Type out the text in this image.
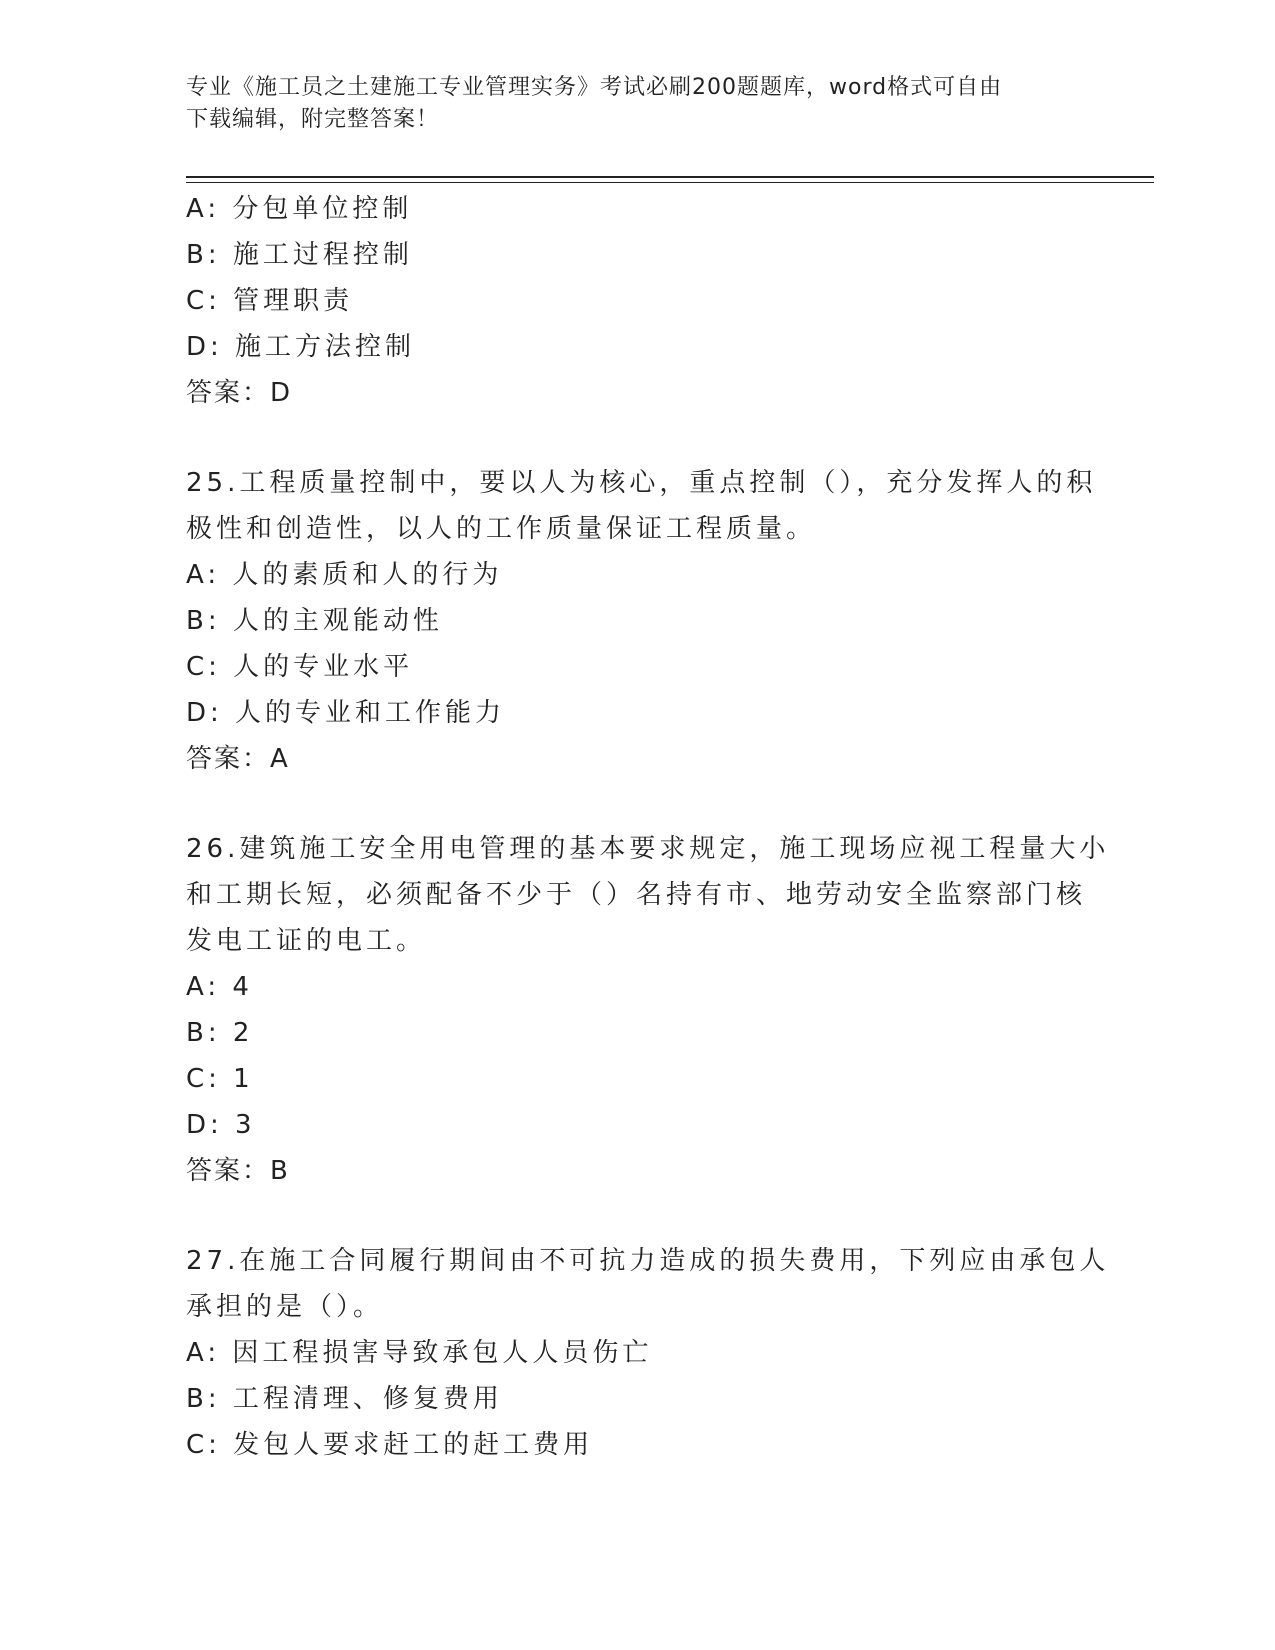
专业《施工员之土建施工专业管理实务》考试必刷200题题库，word格式可自由
下载编辑，附完整答案！
A: 分包单位控制
B: 施工过程控制
C: 管理职责
D: 施工方法控制
答案：D
25.工程质量控制中，要以人为核心，重点控制（），充分发挥人的积
极性和创造性，以人的工作质量保证工程质量。
A: 人的素质和人的行为
B: 人的主观能动性
C: 人的专业水平
D: 人的专业和工作能力
答案：A
26.建筑施工安全用电管理的基本要求规定，施工现场应视工程量大小
和工期长短，必须配备不少于（）名持有市、地劳动安全监察部门核
发电工证的电工。
A: 4
B: 2
C: 1
D: 3
答案：B
27.在施工合同履行期间由不可抗力造成的损失费用，下列应由承包人
承担的是（）。
A: 因工程损害导致承包人人员伤亡
B: 工程清理、修复费用
C: 发包人要求赶工的赶工费用
